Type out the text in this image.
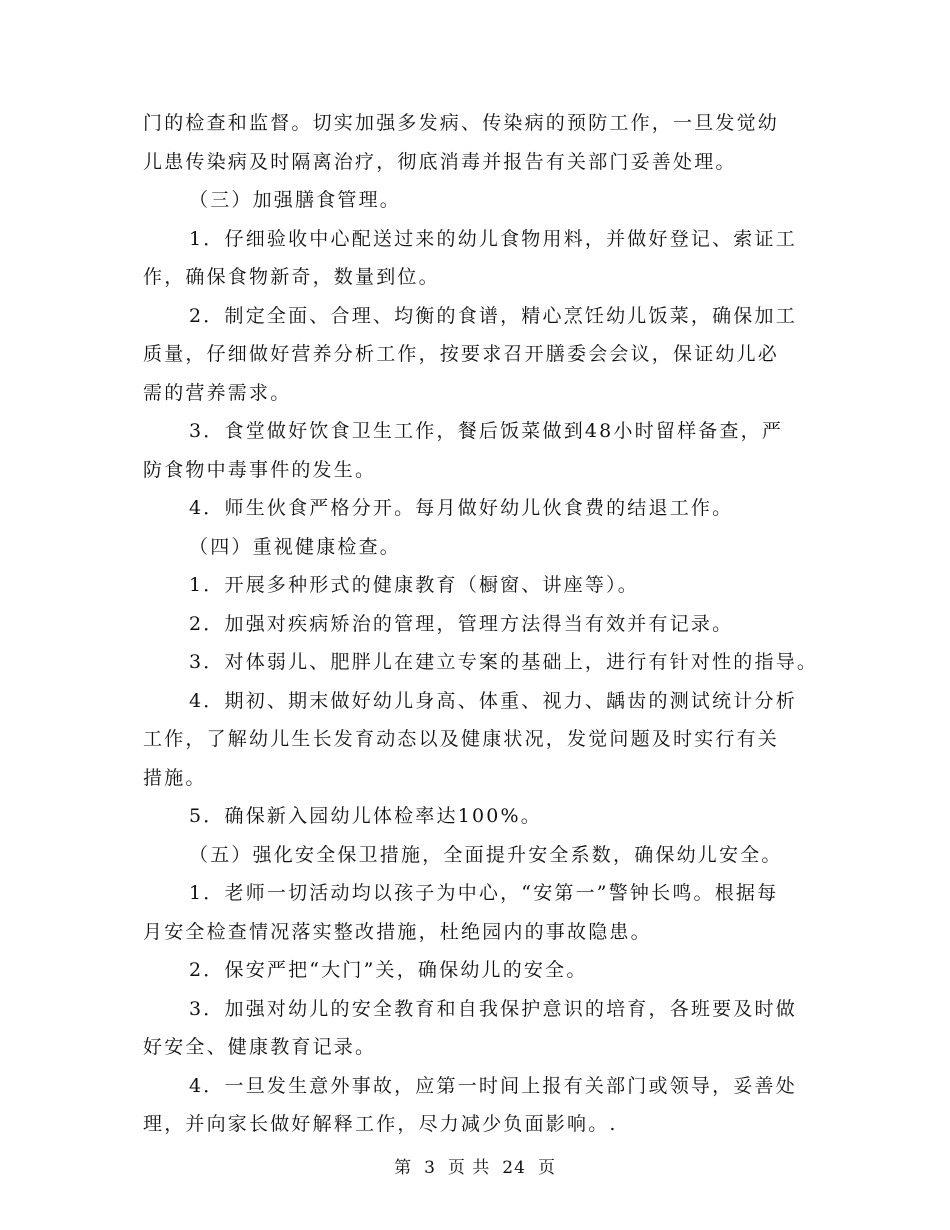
门的检查和监督。切实加强多发病、传染病的预防工作，一旦发觉幼
儿患传染病及时隔离治疗，彻底消毒并报告有关部门妥善处理。
（三）加强膳食管理。
1．仔细验收中心配送过来的幼儿食物用料，并做好登记、索证工
作，确保食物新奇，数量到位。
2．制定全面、合理、均衡的食谱，精心烹饪幼儿饭菜，确保加工
质量，仔细做好营养分析工作，按要求召开膳委会会议，保证幼儿必
需的营养需求。
3．食堂做好饮食卫生工作，餐后饭菜做到48小时留样备查，严
防食物中毒事件的发生。
4．师生伙食严格分开。每月做好幼儿伙食费的结退工作。
（四）重视健康检查。
1．开展多种形式的健康教育（橱窗、讲座等）。
2．加强对疾病矫治的管理，管理方法得当有效并有记录。
3．对体弱儿、肥胖儿在建立专案的基础上，进行有针对性的指导。
4．期初、期末做好幼儿身高、体重、视力、龋齿的测试统计分析
工作，了解幼儿生长发育动态以及健康状况，发觉问题及时实行有关
措施。
5．确保新入园幼儿体检率达100%。
（五）强化安全保卫措施，全面提升安全系数，确保幼儿安全。
1．老师一切活动均以孩子为中心，“安第一”警钟长鸣。根据每
月安全检查情况落实整改措施，杜绝园内的事故隐患。
2．保安严把“大门”关，确保幼儿的安全。
3．加强对幼儿的安全教育和自我保护意识的培育，各班要及时做
好安全、健康教育记录。
4．一旦发生意外事故，应第一时间上报有关部门或领导，妥善处
理，并向家长做好解释工作，尽力减少负面影响。.
第 3 页 共 24 页
